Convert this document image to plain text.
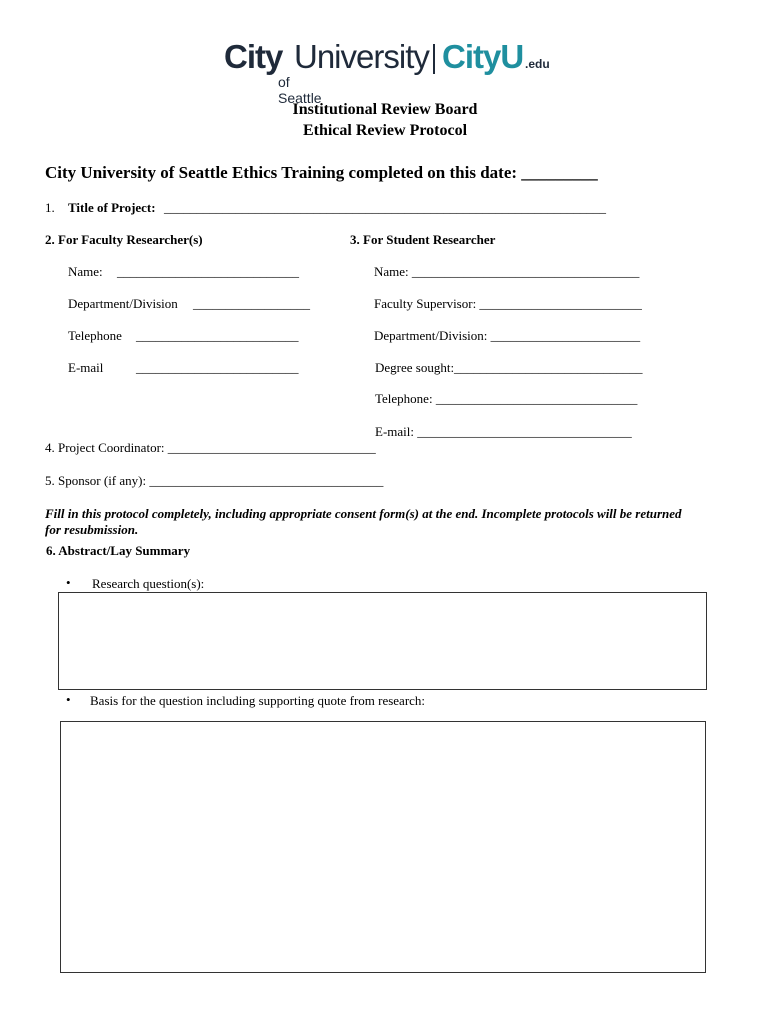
City University
of Seattle
CityU .edu
Institutional Review Board
Ethical Review Protocol
City University of Seattle Ethics Training completed on this date: _________
1. Title of Project: ____________________________________________________________________
2. For Faculty Researcher(s)
Name: ____________________________
Department/Division __________________
Telephone _________________________
E-mail	_________________________
3. For Student Researcher
Name: ___________________________________
Faculty Supervisor: _________________________
Department/Division: _______________________
Degree sought:_____________________________
Telephone: _______________________________
E-mail: _________________________________
4. Project Coordinator: ________________________________
5. Sponsor (if any): ____________________________________
Fill in this protocol completely, including appropriate consent form(s) at the end. Incomplete protocols will be returned for resubmission.
6. Abstract/Lay Summary
• Research question(s):
• Basis for the question including supporting quote from research:
